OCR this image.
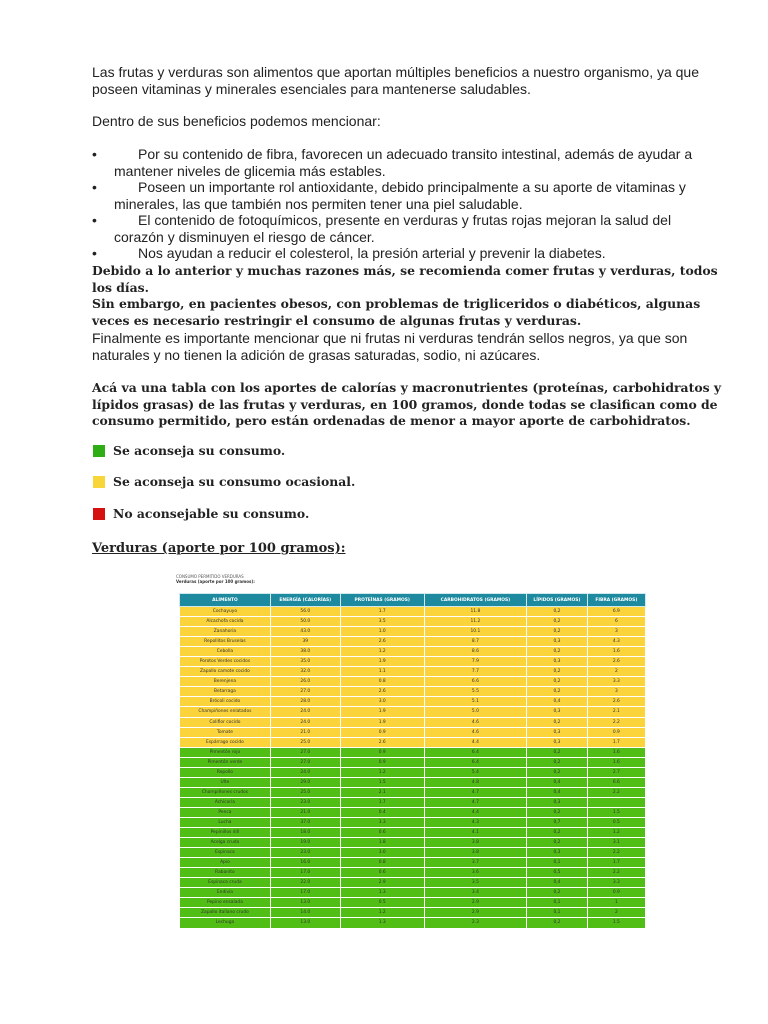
Las frutas y verduras son alimentos que aportan múltiples beneficios a nuestro organismo, ya que poseen vitaminas y minerales esenciales para mantenerse saludables.

Dentro de sus beneficios podemos mencionar:

•	Por su contenido de fibra, favorecen un adecuado transito intestinal, además de ayudar a mantener niveles de glicemia más estables.
•	Poseen un importante rol antioxidante, debido principalmente a su aporte de vitaminas y minerales, las que también nos permiten tener una piel saludable.
•	El contenido de fotoquímicos, presente en verduras y frutas rojas mejoran la salud del corazón y disminuyen el riesgo de cáncer.
•	Nos ayudan a reducir el colesterol, la presión arterial y prevenir la diabetes.

Debido a lo anterior y muchas razones más, se recomienda comer frutas y verduras, todos los días.

Sin embargo, en pacientes obesos, con problemas de trigliceridos o diabéticos, algunas veces es necesario restringir el consumo de algunas frutas y verduras.

Finalmente es importante mencionar que ni frutas ni verduras tendrán sellos negros, ya que son naturales y no tienen la adición de grasas saturadas, sodio, ni azúcares.

Acá va una tabla con los aportes de calorías y macronutrientes (proteínas, carbohidratos y lípidos grasas) de las frutas y verduras, en 100 gramos, donde todas se clasifican como de consumo permitido, pero están ordenadas de menor a mayor aporte de carbohidratos.

Se aconseja su consumo.
Se aconseja su consumo ocasional.
No aconsejable su consumo.
Verduras (aporte por 100 gramos):
CONSUMO PERMITIDO VERDURAS
Verduras (aporte por 100 gramos):
ALIMENTO	ENERGÍA (CALORÍAS)	PROTEÍNAS (GRAMOS)	CARBOHIDRATOS (GRAMOS)	LÍPIDOS (GRAMOS)	FIBRA (GRAMOS)
Cochayuyo	56.0	1.7	11.8	0,2	6.9
Alcachofa cocida	50.0	3.5	11.2	0,2	6
Zanahoria	43.0	1.0	10.1	0,2	3
Repollitos Bruselas	39	2.6	8.7	0,3	4.3
Cebolla	38.0	1.2	8.6	0,2	1.6
Porotos Verdes cocidos	35.0	1.9	7.9	0,3	2.6
Zapallo camote cocido	32.0	1.1	7.7	0,2	2
Berenjena	26.0	0.8	6.6	0,2	3.3
Betarraga	27.0	2.6	5.5	0,2	3
Brócoli cocido	28.0	3.0	5.1	0,4	2.6
Champiñones enlatados	24.0	1.9	5.0	0,3	2.1
Coliflor cocido	24.0	1.9	4.6	0,2	2.2
Tomate	21.0	0.9	4.6	0,3	0.9
Espárrago cocido	25.0	2.6	4.4	0,3	1.7
Pimentón rojo	27.0	0.9	6.4	0,2	1.6
Pimentón verde	27.0	0.9	6.4	0,2	1.6
Repollo	24.0	1.2	5.4	0,2	2.7
Ulte	29.0	1.5	4.8	0,4	6.6
Champiñones crudos	25.0	2.1	4.7	0,4	2.2
Achicoria	23.0	1.7	4.7	0,3	
Penca	21.0	0.4	4.4	0,2	1.5
Lucha	37.0	3.3	4.3	0,7	0.5
Pepinillos dill	18.0	0.6	4.1	0,2	1.2
Acelga cruda	19.0	1.8	3.8	0,2	3.1
Espinaca	23.0	3.0	3.8	0,3	2.2
Apio	16.0	0.8	3.7	0,1	1.7
Rabanito	17.0	0.6	3.6	0,5	2.2
Espinaca cruda	22.0	2.9	3.5	0,4	3.3
Endivia	17.0	1.3	3.4	0,2	0.9
Pepino ensalada	13.0	0.5	2.9	0,1	1
Zapallo italiano crudo	14.0	1.2	2.9	0,1	2
Lechuga	13.0	1.3	2.3	0,2	1.5
